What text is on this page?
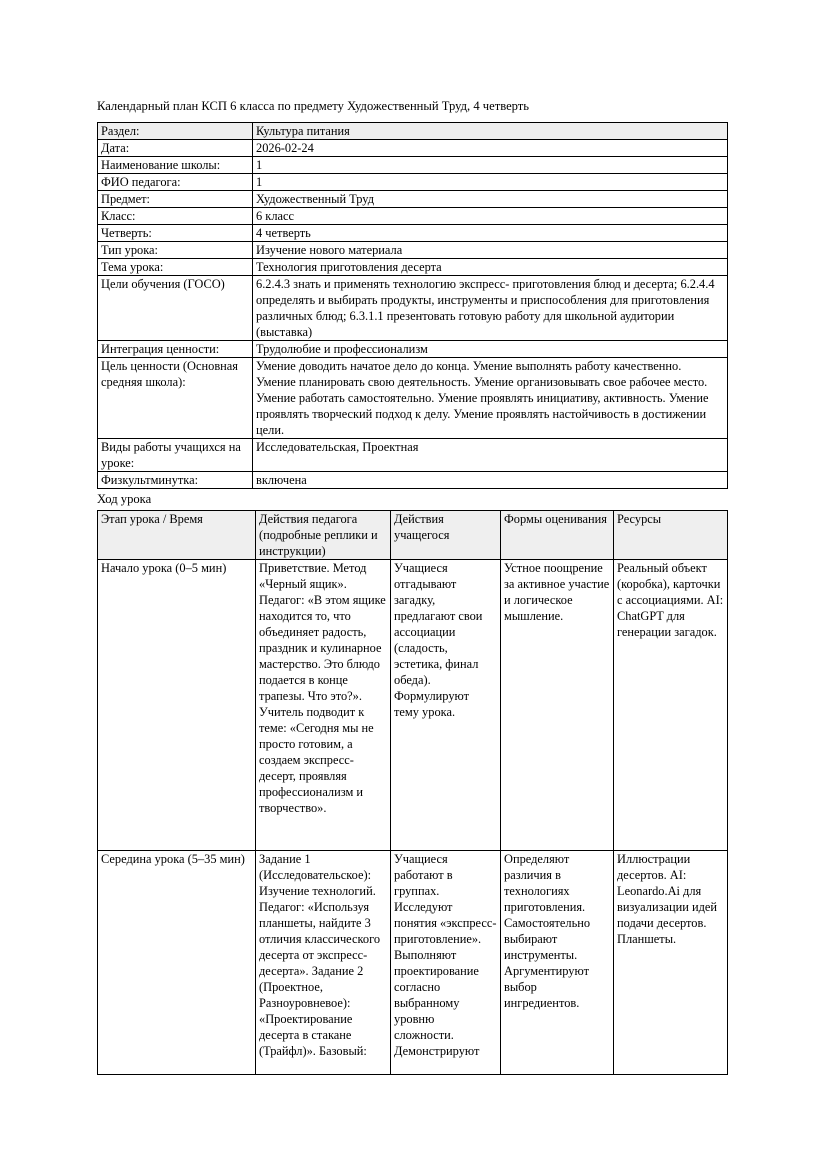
Календарный план КСП 6 класса по предмету Художественный Труд, 4 четверть

Раздел:	Культура питания
Дата:	2026-02-24
Наименование школы:	1
ФИО педагога:	1
Предмет:	Художественный Труд
Класс:	6 класс
Четверть:	4 четверть
Тип урока:	Изучение нового материала
Тема урока:	Технология приготовления десерта
Цели обучения (ГОСО)	6.2.4.3 знать и применять технологию экспресс- приготовления блюд и десерта; 6.2.4.4 определять и выбирать продукты, инструменты и приспособления для приготовления различных блюд; 6.3.1.1 презентовать готовую работу для школьной аудитории (выставка)
Интеграция ценности:	Трудолюбие и профессионализм
Цель ценности (Основная средняя школа):	Умение доводить начатое дело до конца. Умение выполнять работу качественно. Умение планировать свою деятельность. Умение организовывать свое рабочее место. Умение работать самостоятельно. Умение проявлять инициативу, активность. Умение проявлять творческий подход к делу. Умение проявлять настойчивость в достижении цели.
Виды работы учащихся на уроке:	Исследовательская, Проектная
Физкультминутка:	включена

Ход урока

Этап урока / Время	Действия педагога (подробные реплики и инструкции)	Действия учащегося	Формы оценивания	Ресурсы

Начало урока (0–5 мин)	Приветствие. Метод «Черный ящик». Педагог: «В этом ящике находится то, что объединяет радость, праздник и кулинарное мастерство. Это блюдо подается в конце трапезы. Что это?». Учитель подводит к теме: «Сегодня мы не просто готовим, а создаем экспресс-десерт, проявляя профессионализм и творчество».	Учащиеся отгадывают загадку, предлагают свои ассоциации (сладость, эстетика, финал обеда). Формулируют тему урока.	Устное поощрение за активное участие и логическое мышление.	Реальный объект (коробка), карточки с ассоциациями. AI: ChatGPT для генерации загадок.

Середина урока (5–35 мин)	Задание 1 (Исследовательское): Изучение технологий. Педагог: «Используя планшеты, найдите 3 отличия классического десерта от экспресс-десерта». Задание 2 (Проектное, Разноуровневое): «Проектирование десерта в стакане (Трайфл)». Базовый:	Учащиеся работают в группах. Исследуют понятия «экспресс-приготовление». Выполняют проектирование согласно выбранному уровню сложности. Демонстрируют	Определяют различия в технологиях приготовления. Самостоятельно выбирают инструменты. Аргументируют выбор ингредиентов.	Иллюстрации десертов. AI: Leonardo.Ai для визуализации идей подачи десертов. Планшеты.
